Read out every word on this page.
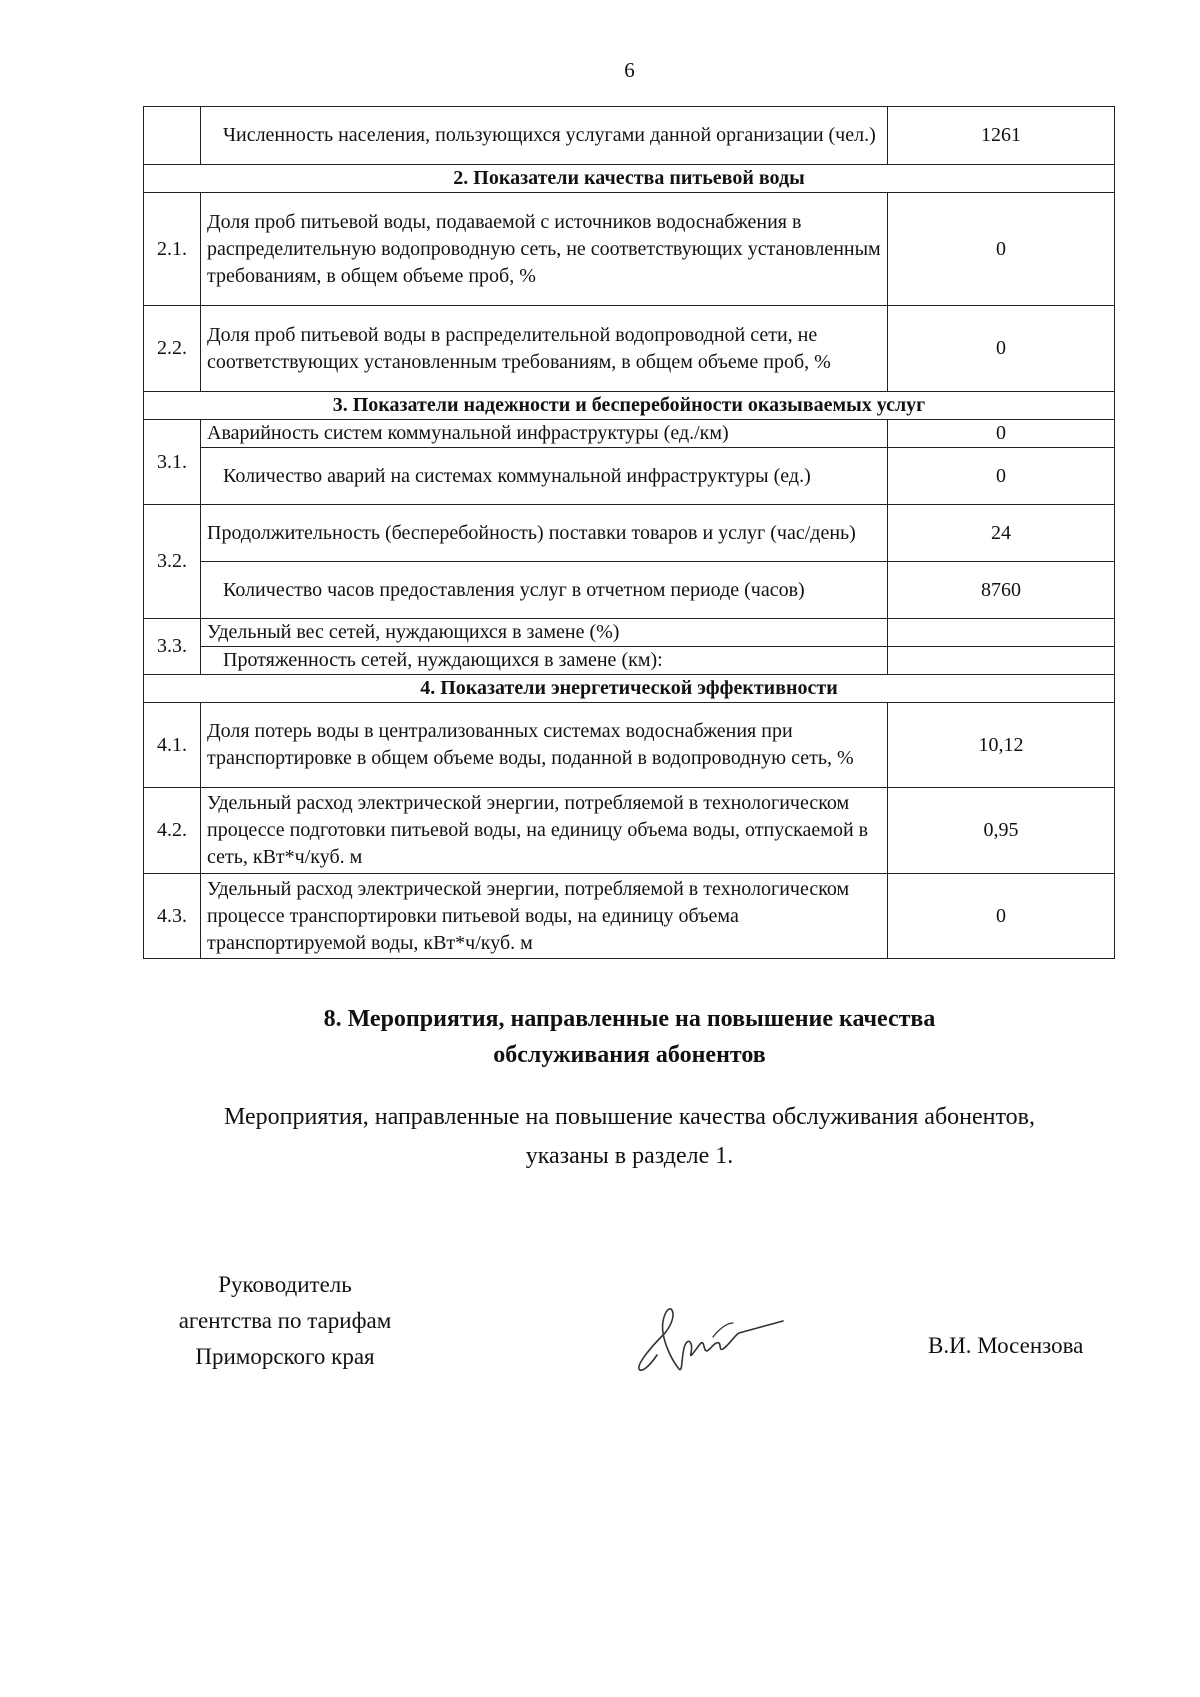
6
	Численность населения, пользующихся услугами данной организации (чел.)	1261
2. Показатели качества питьевой воды		
2.1.	Доля проб питьевой воды, подаваемой с источников водоснабжения в распределительную водопроводную сеть, не соответствующих установленным требованиям, в общем объеме проб, %	0
2.2.	Доля проб питьевой воды в распределительной водопроводной сети, не соответствующих установленным требованиям, в общем объеме проб, %	0
3. Показатели надежности и бесперебойности оказываемых услуг		
3.1.	Аварийность систем коммунальной инфраструктуры (ед./км)	0
	Количество аварий на системах коммунальной инфраструктуры (ед.)	0
3.2.	Продолжительность (бесперебойность) поставки товаров и услуг (час/день)	24
	Количество часов предоставления услуг в отчетном периоде (часов)	8760
3.3.	Удельный вес сетей, нуждающихся в замене (%)	
	Протяженность сетей, нуждающихся в замене (км):	
4. Показатели энергетической эффективности		
4.1.	Доля потерь воды в централизованных системах водоснабжения при транспортировке в общем объеме воды, поданной в водопроводную сеть, %	10,12
4.2.	Удельный расход электрической энергии, потребляемой в технологическом процессе подготовки питьевой воды, на единицу объема воды, отпускаемой в сеть, кВт*ч/куб. м	0,95
4.3.	Удельный расход электрической энергии, потребляемой в технологическом процессе транспортировки питьевой воды, на единицу объема транспортируемой воды, кВт*ч/куб. м	0
8. Мероприятия, направленные на повышение качества
обслуживания абонентов
Мероприятия, направленные на повышение качества обслуживания абонентов,
указаны в разделе 1.
Руководитель
агентства по тарифам
Приморского края	В.И. Мосензова
